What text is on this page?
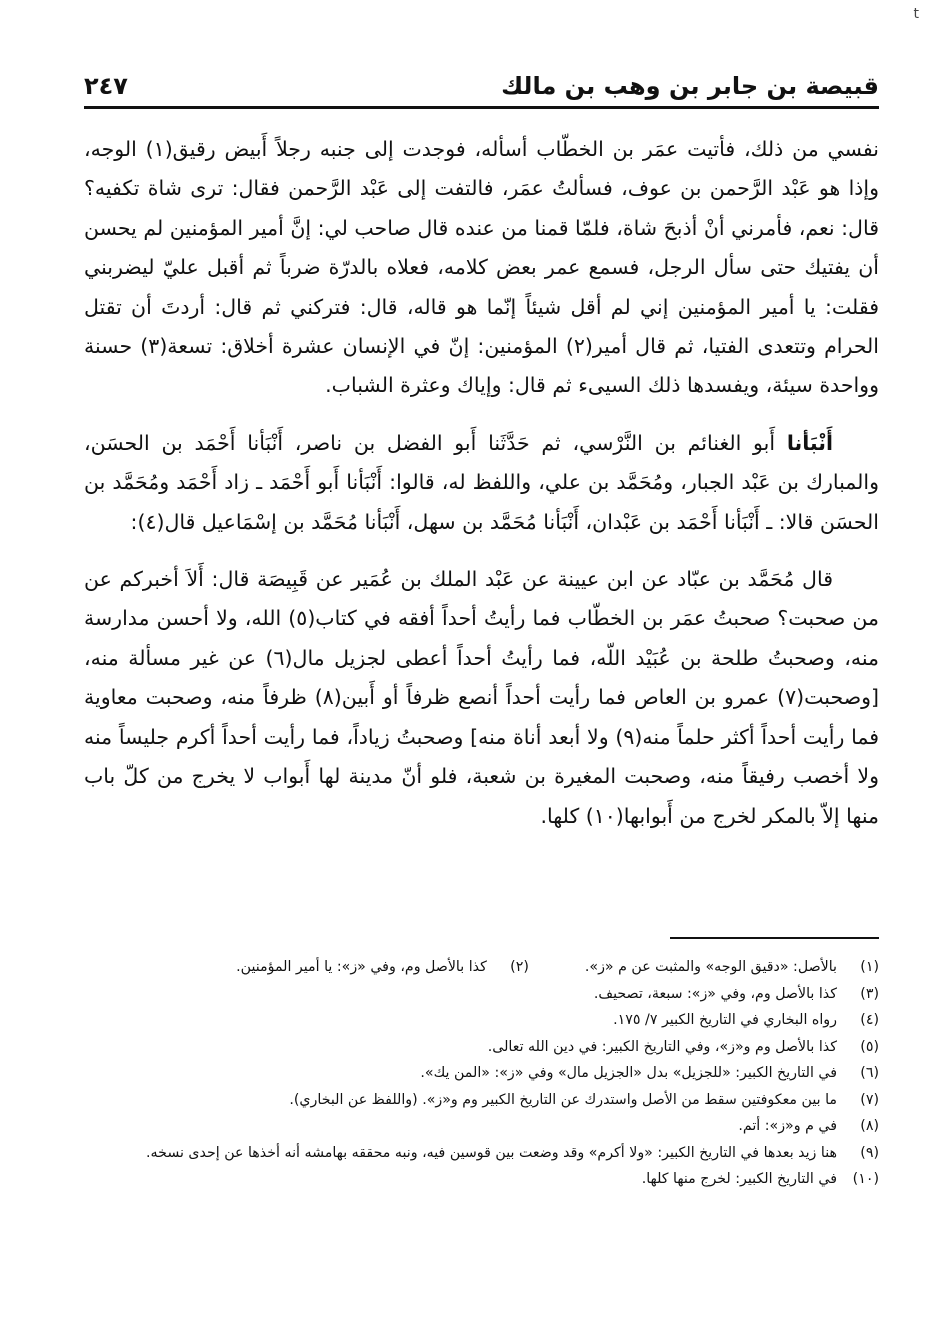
t
قبيصة بن جابر بن وهب بن مالك
٢٤٧

نفسي من ذلك، فأتيت عمَر بن الخطّاب أسأله، فوجدت إلى جنبه رجلاً أَبيض رقيق(١) الوجه، وإذا هو عَبْد الرَّحمن بن عوف، فسألتُ عمَر، فالتفت إلى عَبْد الرَّحمن فقال: ترى شاة تكفيه؟ قال: نعم، فأمرني أنْ أذبحَ شاة، فلمّا قمنا من عنده قال صاحب لي: إنَّ أمير المؤمنين لم يحسن أن يفتيك حتى سأل الرجل، فسمع عمر بعض كلامه، فعلاه بالدرّة ضرباً ثم أقبل عليّ ليضربني فقلت: يا أمير المؤمنين إني لم أقل شيئاً إنّما هو قاله، قال: فتركني ثم قال: أردتَ أن تقتل الحرام وتتعدى الفتيا، ثم قال أمير(٢) المؤمنين: إنّ في الإنسان عشرة أخلاق: تسعة(٣) حسنة وواحدة سيئة، ويفسدها ذلك السيىء ثم قال: وإياك وعثرة الشباب.

أَنْبَأنا أَبو الغنائم بن النَّرْسي، ثم حَدَّثَنا أَبو الفضل بن ناصر، أَنْبَأنا أَحْمَد بن الحسَن، والمبارك بن عَبْد الجبار، ومُحَمَّد بن علي، واللفظ له، قالوا: أَنْبَأنا أَبو أَحْمَد ـ زاد أَحْمَد ومُحَمَّد بن الحسَن قالا: ـ أَنْبَأنا أَحْمَد بن عَبْدان، أَنْبَأنا مُحَمَّد بن سهل، أَنْبَأنا مُحَمَّد بن إسْمَاعيل قال(٤):

قال مُحَمَّد بن عبّاد عن ابن عيينة عن عَبْد الملك بن عُمَير عن قَبِيصَة قال: أَلاَ أخبركم عن من صحبت؟ صحبتُ عمَر بن الخطّاب فما رأيتُ أحداً أفقه في كتاب(٥) الله، ولا أحسن مدارسة منه، وصحبتُ طلحة بن عُبَيْد اللّه، فما رأيتُ أحداً أعطى لجزيل مال(٦) عن غير مسألة منه، [وصحبت(٧) عمرو بن العاص فما رأيت أحداً أنصع ظرفاً أو أَبين(٨) ظرفاً منه، وصحبت معاوية فما رأيت أحداً أكثر حلماً منه(٩) ولا أبعد أناة منه] وصحبتُ زياداً، فما رأيت أحداً أكرم جليساً منه ولا أخصب رفيقاً منه، وصحبت المغيرة بن شعبة، فلو أنّ مدينة لها أَبواب لا يخرج من كلّ باب منها إلاّ بالمكر لخرج من أَبوابها(١٠) كلها.

(١)
بالأصل: «دقيق الوجه» والمثبت عن م «ز».
(٢)
كذا بالأصل وم، وفي «ز»: يا أمير المؤمنين.
(٣)
كذا بالأصل وم، وفي «ز»: سبعة، تصحيف.
(٤)
رواه البخاري في التاريخ الكبير ٧/ ١٧٥.
(٥)
كذا بالأصل وم و«ز»، وفي التاريخ الكبير: في دين الله تعالى.
(٦)
في التاريخ الكبير: «للجزيل» بدل «الجزيل مال» وفي «ز»: «المن يك».
(٧)
ما بين معكوفتين سقط من الأصل واستدرك عن التاريخ الكبير وم و«ز». (واللفظ عن البخاري).
(٨)
في م و«ز»: أتم.
(٩)
هنا زيد بعدها في التاريخ الكبير: «ولا أكرم» وقد وضعت بين قوسين فيه، ونبه محققه بهامشه أنه أخذها عن إحدى نسخه.
(١٠)
في التاريخ الكبير: لخرج منها كلها.
